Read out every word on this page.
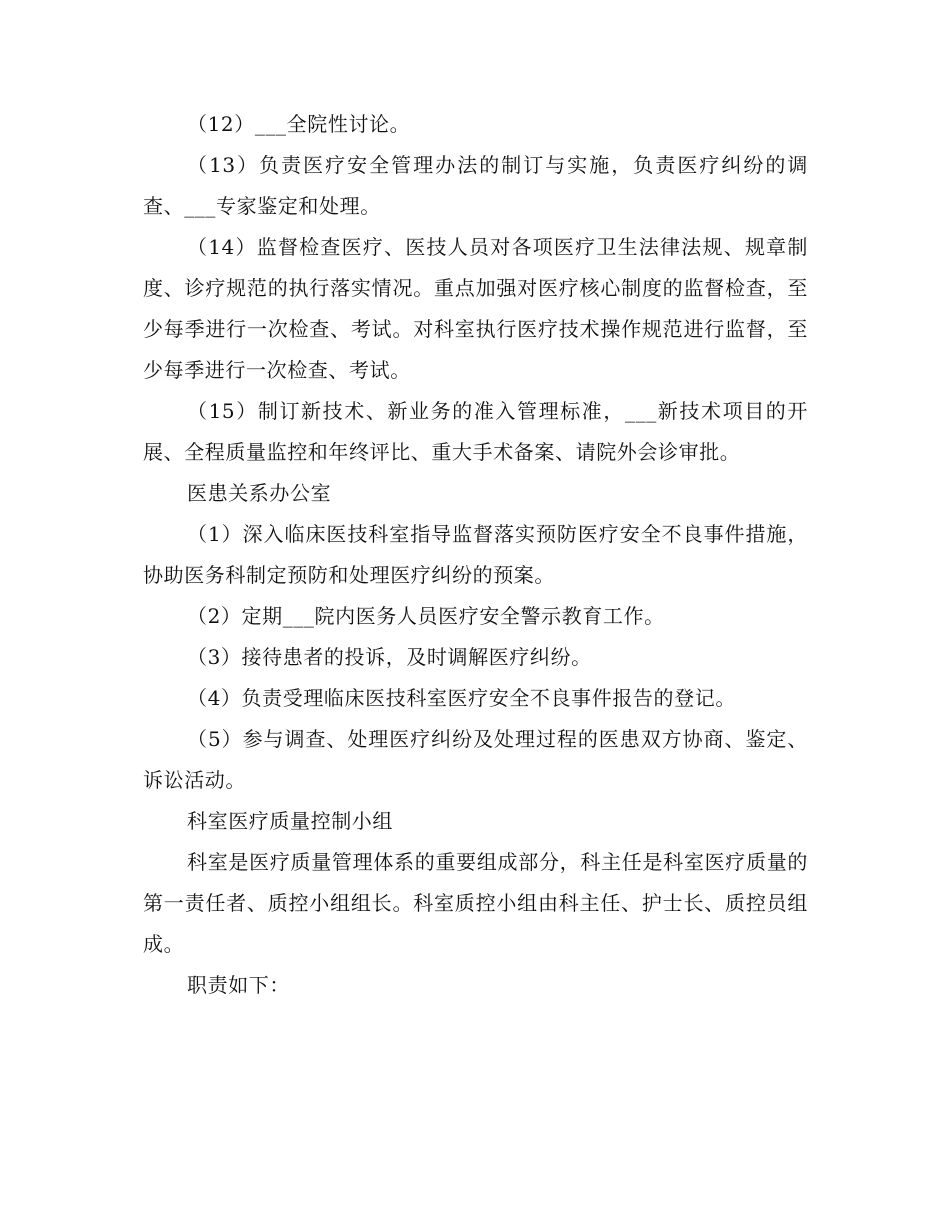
（12）___全院性讨论。

（13）负责医疗安全管理办法的制订与实施，负责医疗纠纷的调查、___专家鉴定和处理。

（14）监督检查医疗、医技人员对各项医疗卫生法律法规、规章制度、诊疗规范的执行落实情况。重点加强对医疗核心制度的监督检查，至少每季进行一次检查、考试。对科室执行医疗技术操作规范进行监督，至少每季进行一次检查、考试。

（15）制订新技术、新业务的准入管理标准，___新技术项目的开展、全程质量监控和年终评比、重大手术备案、请院外会诊审批。

医患关系办公室

（1）深入临床医技科室指导监督落实预防医疗安全不良事件措施，协助医务科制定预防和处理医疗纠纷的预案。

（2）定期___院内医务人员医疗安全警示教育工作。

（3）接待患者的投诉，及时调解医疗纠纷。

（4）负责受理临床医技科室医疗安全不良事件报告的登记。

（5）参与调查、处理医疗纠纷及处理过程的医患双方协商、鉴定、诉讼活动。

科室医疗质量控制小组

科室是医疗质量管理体系的重要组成部分，科主任是科室医疗质量的第一责任者、质控小组组长。科室质控小组由科主任、护士长、质控员组成。

职责如下：
